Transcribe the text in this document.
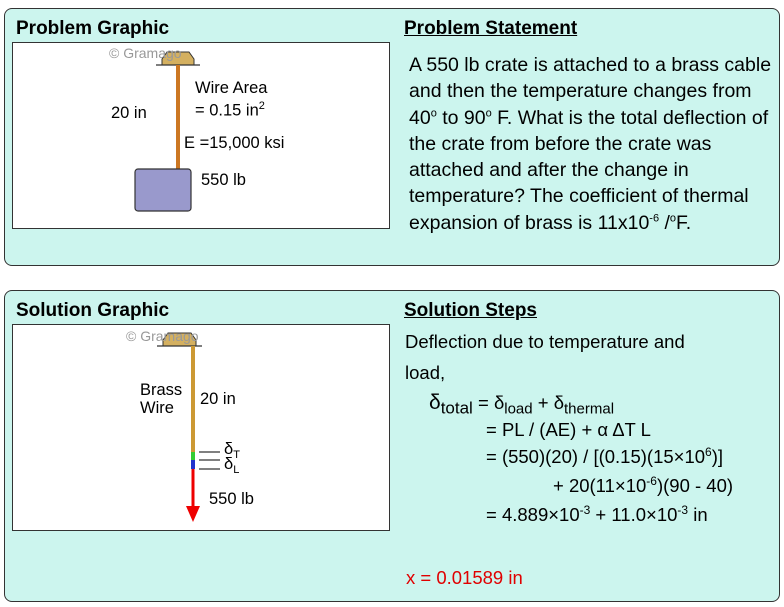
Problem Graphic	Problem Statement
© Gramago
20 in
Wire Area
= 0.15 $in^2$
E =15,000 ksi
550 lb
A 550 lb crate is attached to a brass cable and then the temperature changes from 40$^o$ to 90$^o$ F. What is the total deflection of the crate from before the crate was attached and after the change in temperature? The coefficient of thermal expansion of brass is $11x10^{-6}$ /$^o$F.
Solution Graphic	Solution Steps
© Gramago
Brass
Wire	20 in
$\delta_T$
$\delta_L$
550 lb
Deflection due to temperature and
load,
$\delta_{total} = \delta_{load} + \delta_{thermal}$
= PL / (AE) + α ΔT L
= $(550)(20) / [(0.15)(15\times 10^6)]$
+ $20(11\times 10^{-6})(90 - 40)$
= $4.889\times 10^{-3} + 11.0\times 10^{-3}$ in
x = 0.01589 in
